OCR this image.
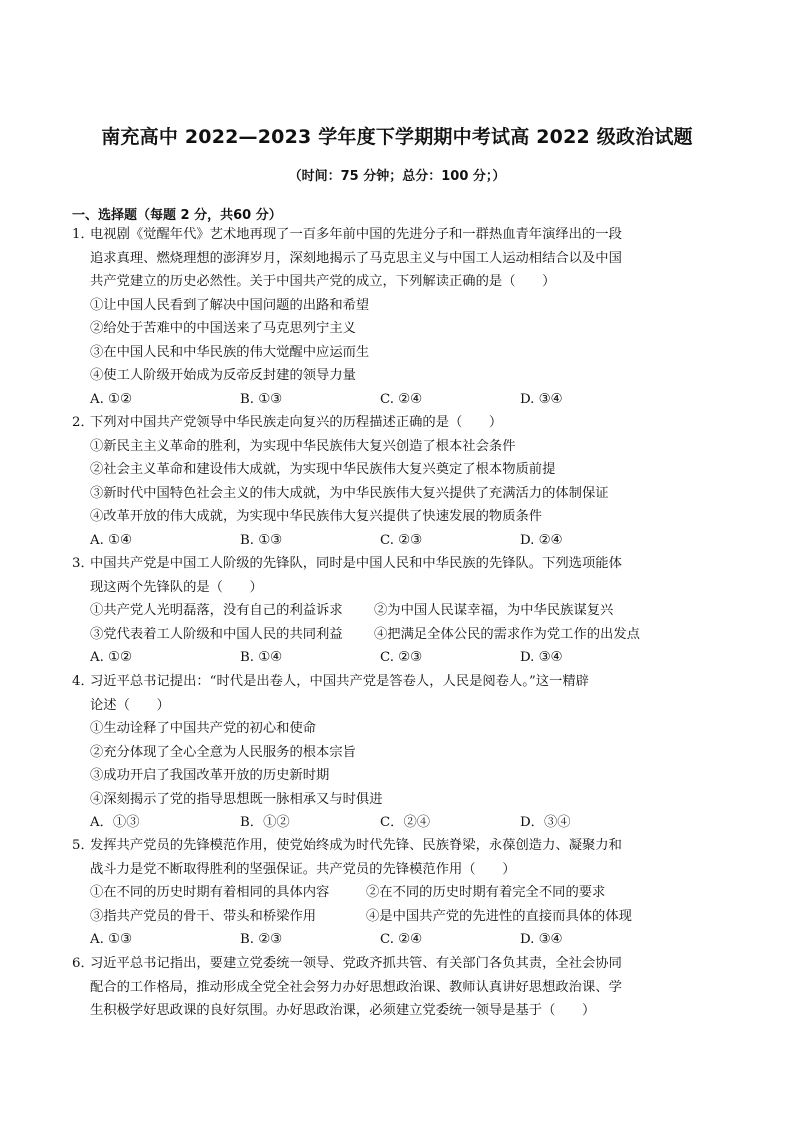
南充高中 2022—2023 学年度下学期期中考试高 2022 级政治试题
（时间：75 分钟；总分：100 分；）
一、选择题（每题 2 分，共60 分）
1．电视剧《觉醒年代》艺术地再现了一百多年前中国的先进分子和一群热血青年演绎出的一段
追求真理、燃烧理想的澎湃岁月，深刻地揭示了马克思主义与中国工人运动相结合以及中国
共产党建立的历史必然性。关于中国共产党的成立，下列解读正确的是（　　）
①让中国人民看到了解决中国问题的出路和希望
②给处于苦难中的中国送来了马克思列宁主义
③在中国人民和中华民族的伟大觉醒中应运而生
④使工人阶级开始成为反帝反封建的领导力量
A. ①②	B. ①③	C. ②④	D. ③④
2．下列对中国共产党领导中华民族走向复兴的历程描述正确的是（　　）
①新民主主义革命的胜利，为实现中华民族伟大复兴创造了根本社会条件
②社会主义革命和建设伟大成就，为实现中华民族伟大复兴奠定了根本物质前提
③新时代中国特色社会主义的伟大成就，为中华民族伟大复兴提供了充满活力的体制保证
④改革开放的伟大成就，为实现中华民族伟大复兴提供了快速发展的物质条件
A. ①④	B. ①③	C. ②③	D. ②④
3．中国共产党是中国工人阶级的先锋队，同时是中国人民和中华民族的先锋队。下列选项能体
现这两个先锋队的是（　　）
①共产党人光明磊落，没有自己的利益诉求 ②为中国人民谋幸福，为中华民族谋复兴
③党代表着工人阶级和中国人民的共同利益 ④把满足全体公民的需求作为党工作的出发点
A. ①②	B. ①④	C. ②③	D. ③④
4．习近平总书记提出：“时代是出卷人，中国共产党是答卷人，人民是阅卷人。”这一精辟
论述（　　）
①生动诠释了中国共产党的初心和使命
②充分体现了全心全意为人民服务的根本宗旨
③成功开启了我国改革开放的历史新时期
④深刻揭示了党的指导思想既一脉相承又与时俱进
A．①③	B．①②	C．②④	D．③④
5．发挥共产党员的先锋模范作用，使党始终成为时代先锋、民族脊梁，永葆创造力、凝聚力和
战斗力是党不断取得胜利的坚强保证。共产党员的先锋模范作用（　　）
①在不同的历史时期有着相同的具体内容	②在不同的历史时期有着完全不同的要求
③指共产党员的骨干、带头和桥梁作用	④是中国共产党的先进性的直接而具体的体现
A. ①③	B. ②③	C. ②④	D. ③④
6．习近平总书记指出，要建立党委统一领导、党政齐抓共管、有关部门各负其责，全社会协同
配合的工作格局，推动形成全党全社会努力办好思想政治课、教师认真讲好思想政治课、学
生积极学好思政课的良好氛围。办好思政治课，必须建立党委统一领导是基于（　　）
